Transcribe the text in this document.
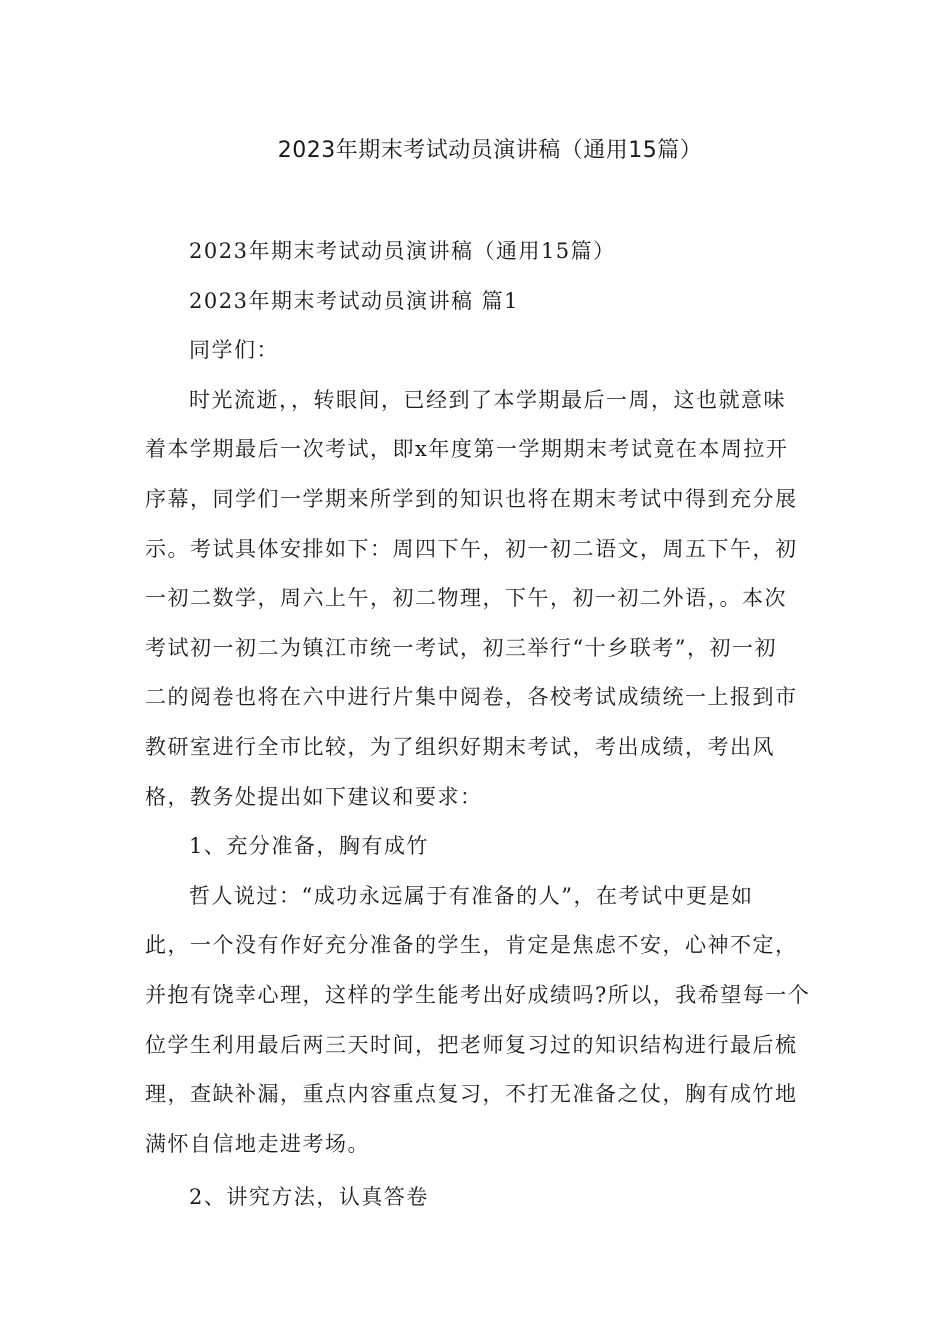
2023年期末考试动员演讲稿（通用15篇）

2023年期末考试动员演讲稿（通用15篇）

2023年期末考试动员演讲稿 篇1

同学们：

时光流逝，，转眼间，已经到了本学期最后一周，这也就意味

着本学期最后一次考试，即x年度第一学期期末考试竟在本周拉开

序幕，同学们一学期来所学到的知识也将在期末考试中得到充分展

示。考试具体安排如下：周四下午，初一初二语文，周五下午，初

一初二数学，周六上午，初二物理，下午，初一初二外语，。本次

考试初一初二为镇江市统一考试，初三举行“十乡联考”，初一初

二的阅卷也将在六中进行片集中阅卷，各校考试成绩统一上报到市

教研室进行全市比较，为了组织好期末考试，考出成绩，考出风

格，教务处提出如下建议和要求：

1、充分准备，胸有成竹

哲人说过：“成功永远属于有准备的人”，在考试中更是如

此，一个没有作好充分准备的学生，肯定是焦虑不安，心神不定，

并抱有饶幸心理，这样的学生能考出好成绩吗?所以，我希望每一个

位学生利用最后两三天时间，把老师复习过的知识结构进行最后梳

理，查缺补漏，重点内容重点复习，不打无准备之仗，胸有成竹地

满怀自信地走进考场。

2、讲究方法，认真答卷
